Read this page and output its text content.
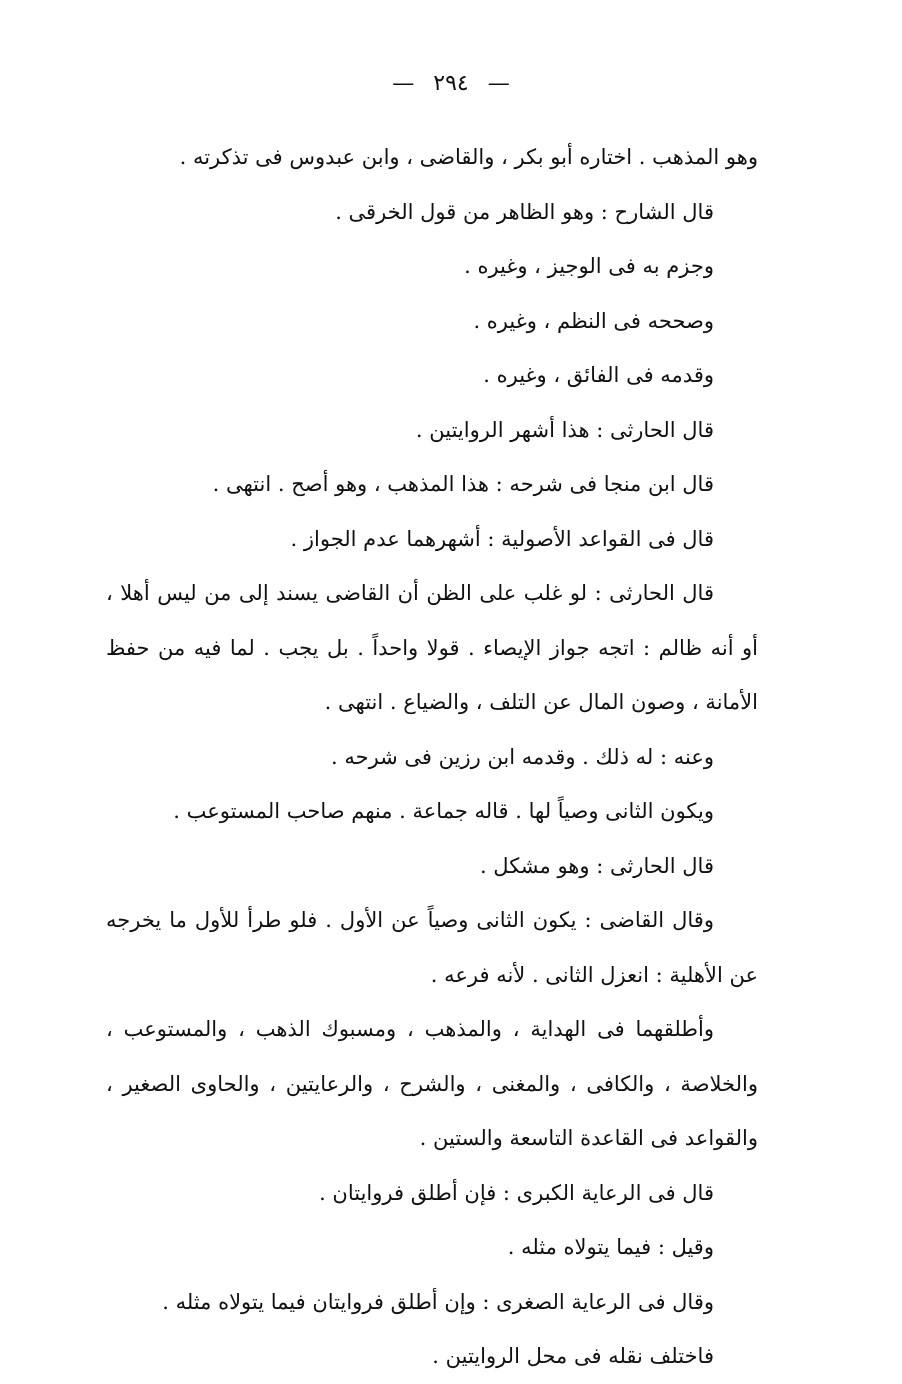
— ٢٩٤ —

وهو المذهب . اختاره أبو بكر ، والقاضى ، وابن عبدوس فى تذكرته .

قال الشارح : وهو الظاهر من قول الخرقى .

وجزم به فى الوجيز ، وغيره .

وصححه فى النظم ، وغيره .

وقدمه فى الفائق ، وغيره .

قال الحارثى : هذا أشهر الروايتين .

قال ابن منجا فى شرحه : هذا المذهب ، وهو أصح . انتهى .

قال فى القواعد الأصولية : أشهرهما عدم الجواز .

قال الحارثى : لو غلب على الظن أن القاضى يسند إلى من ليس أهلا ، أو أنه ظالم : اتجه جواز الإيصاء . قولا واحداً . بل يجب . لما فيه من حفظ الأمانة ، وصون المال عن التلف ، والضياع . انتهى .

وعنه : له ذلك . وقدمه ابن رزين فى شرحه .

ويكون الثانى وصياً لها . قاله جماعة . منهم صاحب المستوعب .

قال الحارثى : وهو مشكل .

وقال القاضى : يكون الثانى وصياً عن الأول . فلو طرأ للأول ما يخرجه عن الأهلية : انعزل الثانى . لأنه فرعه .

وأطلقهما فى الهداية ، والمذهب ، ومسبوك الذهب ، والمستوعب ، والخلاصة ، والكافى ، والمغنى ، والشرح ، والرعايتين ، والحاوى الصغير ، والقواعد فى القاعدة التاسعة والستين .

قال فى الرعاية الكبرى : فإن أطلق فروايتان .

وقيل : فيما يتولاه مثله .

وقال فى الرعاية الصغرى : وإن أطلق فروايتان فيما يتولاه مثله .

فاختلف نقله فى محل الروايتين .
